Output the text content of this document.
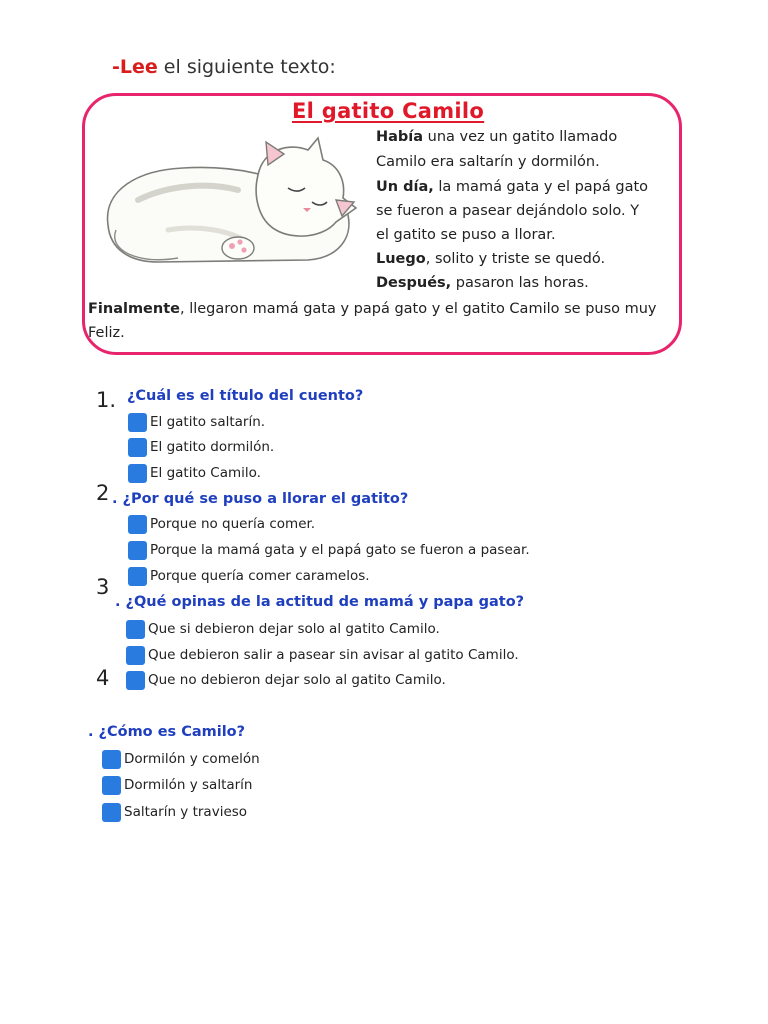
-Lee el siguiente texto:
El gatito Camilo
Había una vez un gatito llamado
Camilo era saltarín y dormilón.
Un día, la mamá gata y el papá gato
se fueron a pasear dejándolo solo. Y
el gatito se puso a llorar.
Luego, solito y triste se quedó.
Después, pasaron las horas.
Finalmente, llegaron mamá gata y papá gato y el gatito Camilo se puso muy Feliz.
1. ¿Cuál es el título del cuento?
El gatito saltarín.
El gatito dormilón.
El gatito Camilo.
2 . ¿Por qué se puso a llorar el gatito?
Porque no quería comer.
Porque la mamá gata y el papá gato se fueron a pasear.
Porque quería comer caramelos.
3
. ¿Qué opinas de la actitud de mamá y papa gato?
Que si debieron dejar solo al gatito Camilo.
Que debieron salir a pasear sin avisar al gatito Camilo.
Que no debieron dejar solo al gatito Camilo.
4
. ¿Cómo es Camilo?
Dormilón y comelón
Dormilón y saltarín
Saltarín y travieso
